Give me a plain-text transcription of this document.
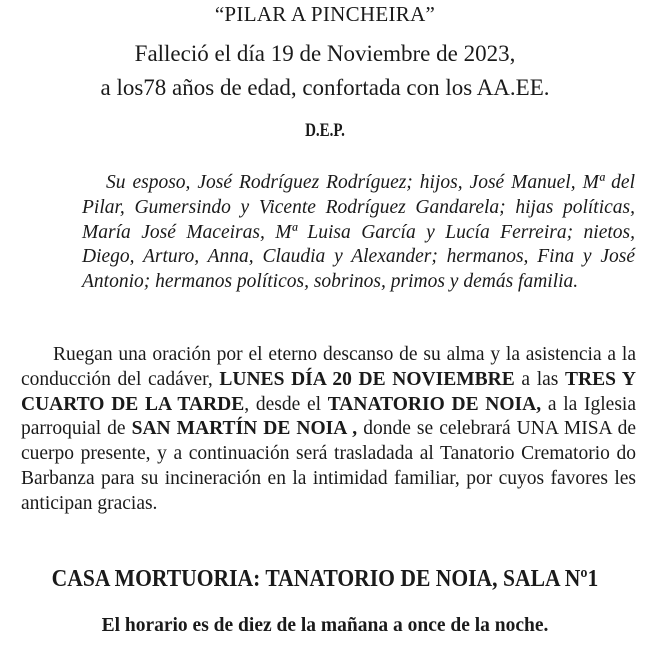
“PILAR A PINCHEIRA”
Falleció el día 19 de Noviembre de 2023,
a los78 años de edad, confortada con los AA.EE.
D.E.P.

Su esposo, José Rodríguez Rodríguez; hijos, José Manuel, Mª del Pilar, Gumersindo y Vicente Rodríguez Gandarela; hijas políticas, María José Maceiras, Mª Luisa García y Lucía Ferreira; nietos, Diego, Arturo, Anna, Claudia y Alexander; hermanos, Fina y José Antonio; hermanos políticos, sobrinos, primos y demás familia.

Ruegan una oración por el eterno descanso de su alma y la asistencia a la conducción del cadáver, LUNES DÍA 20 DE NOVIEMBRE a las TRES Y CUARTO DE LA TARDE, desde el TANATORIO DE NOIA, a la Iglesia parroquial de SAN MARTÍN DE NOIA , donde se celebrará UNA MISA de cuerpo presente, y a continuación será trasladada al Tanatorio Crematorio do Barbanza para su incineración en la intimidad familiar, por cuyos favores les anticipan gracias.

CASA MORTUORIA: TANATORIO DE NOIA, SALA Nº1
El horario es de diez de la mañana a once de la noche.
